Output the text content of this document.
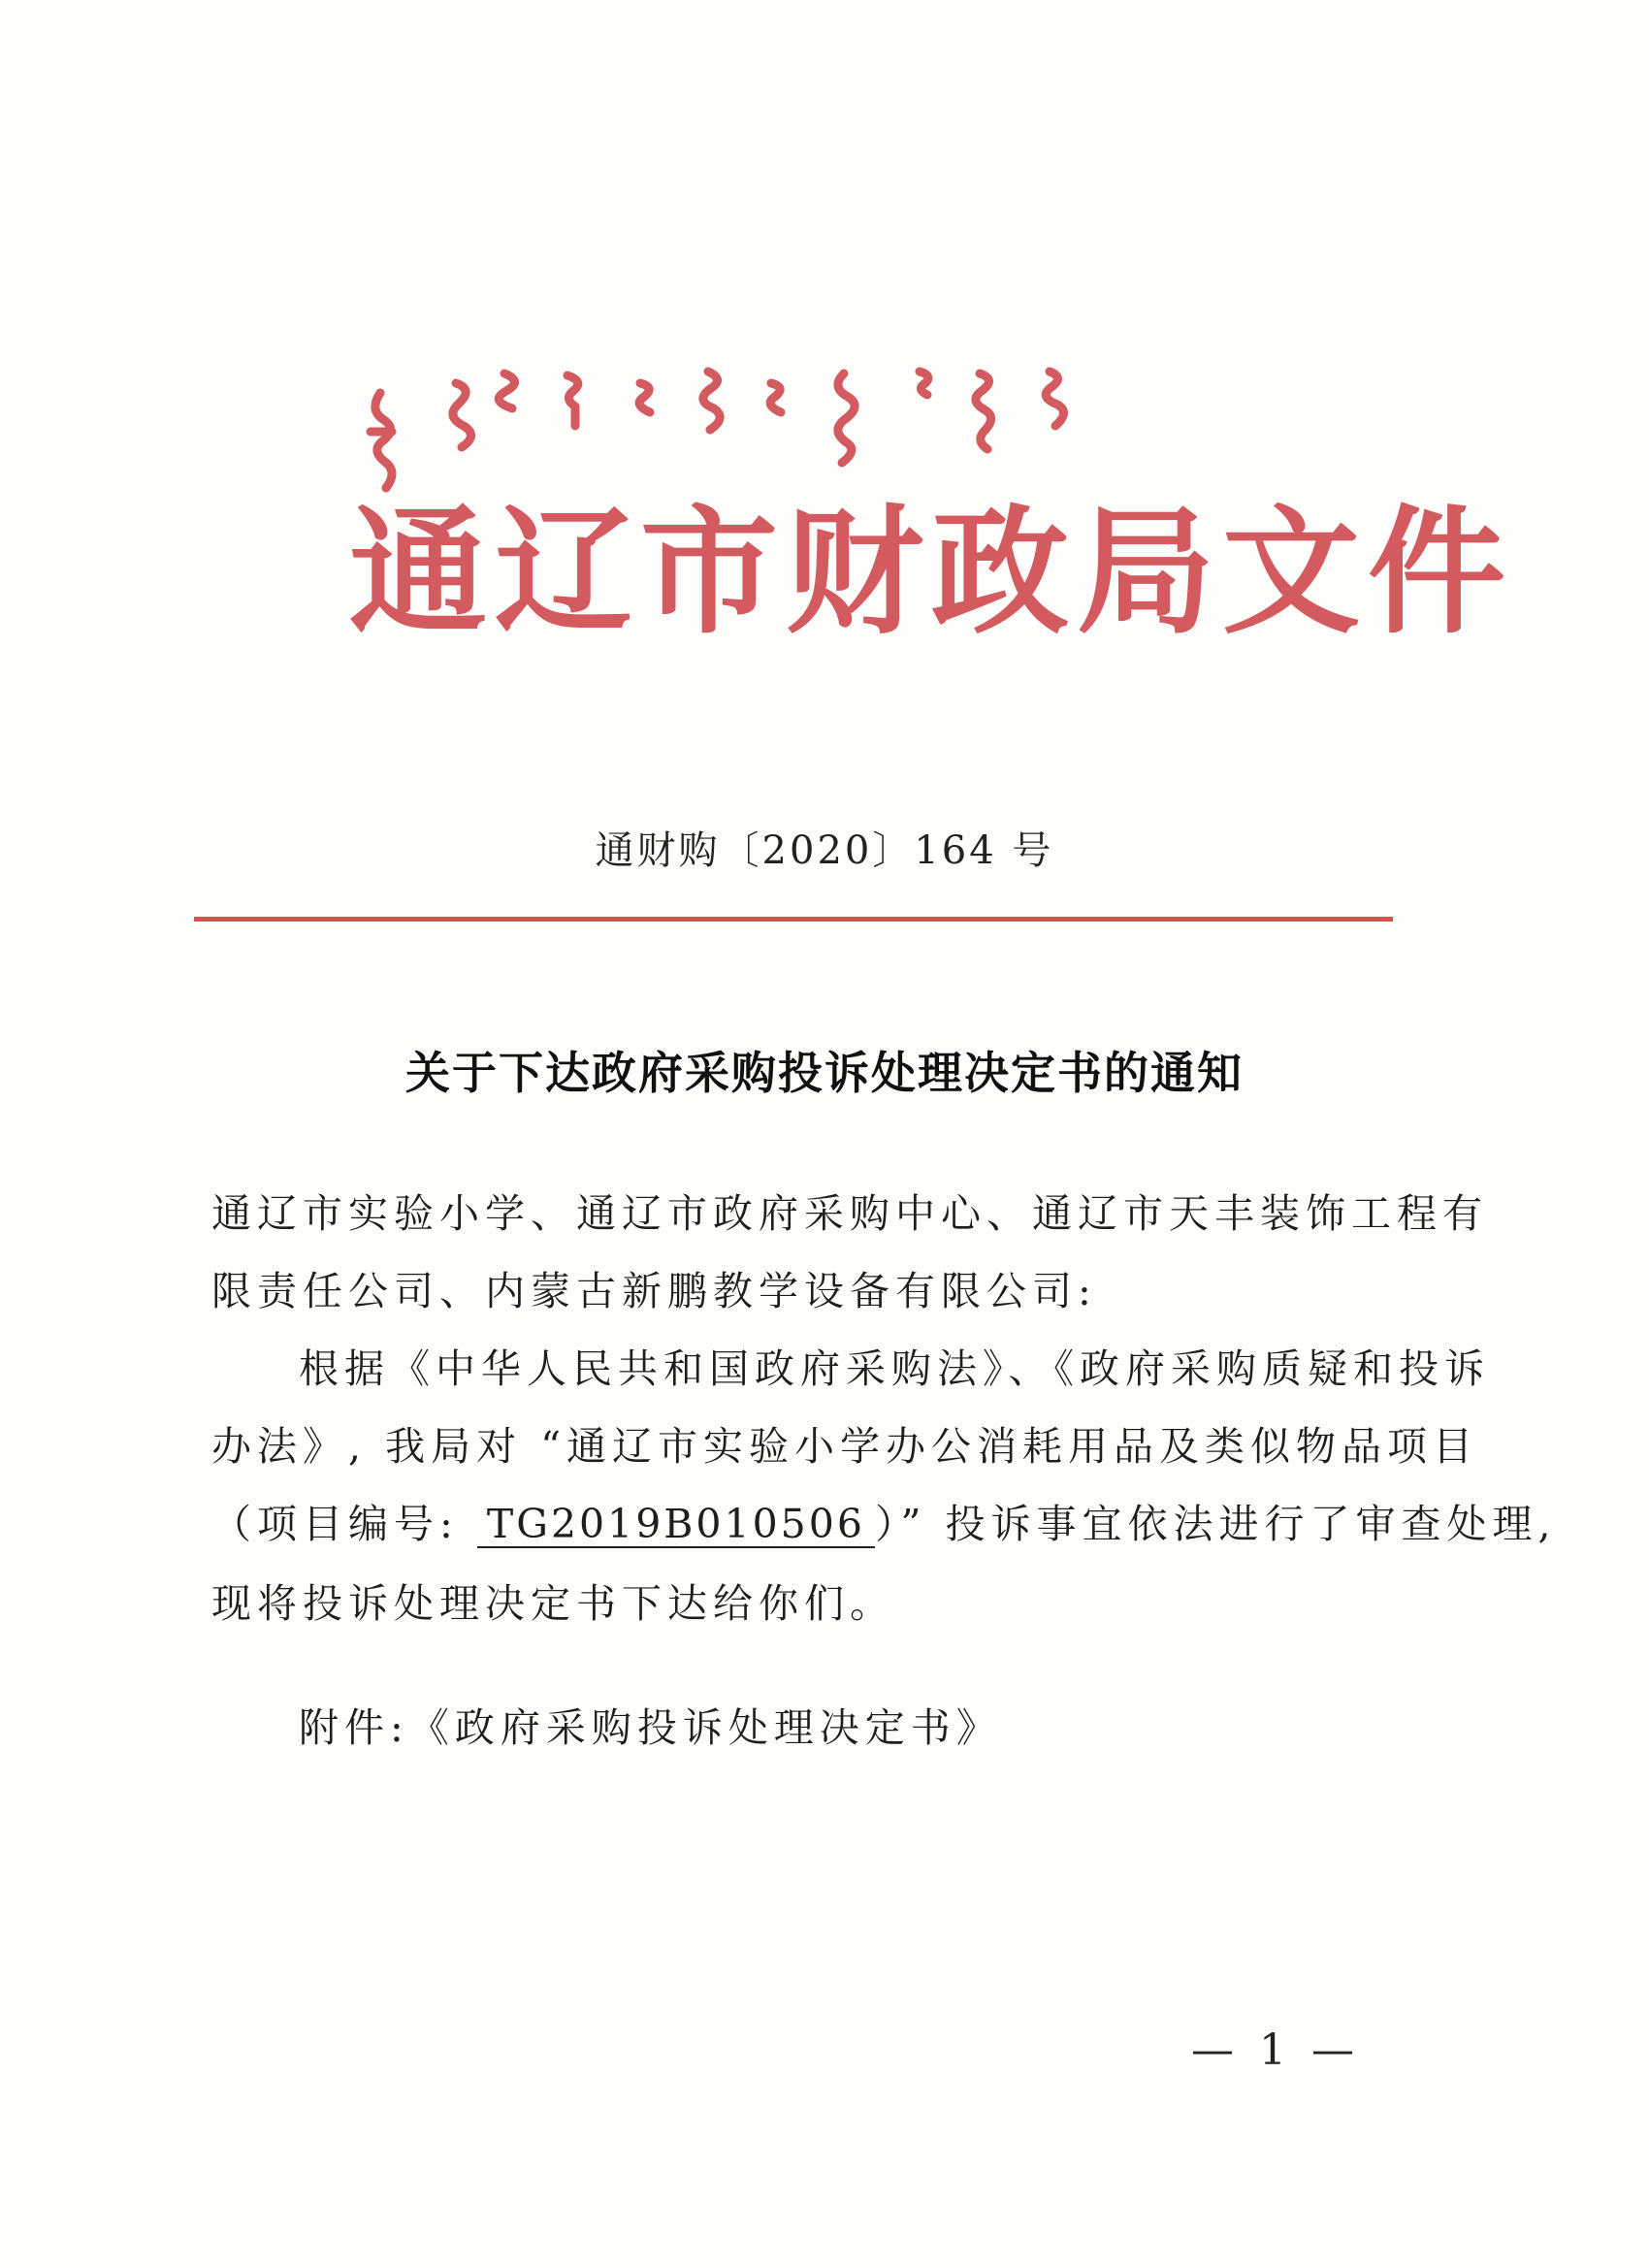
通辽市财政局文件
通财购〔2020〕164 号
关于下达政府采购投诉处理决定书的通知
通辽市实验小学、通辽市政府采购中心、通辽市天丰装饰工程有
限责任公司、内蒙古新鹏教学设备有限公司:
根据《中华人民共和国政府采购法》、《政府采购质疑和投诉
办法》, 我局对 “通辽市实验小学办公消耗用品及类似物品项目
（项目编号: TG2019B010506 ）” 投诉事宜依法进行了审查处理,
现将投诉处理决定书下达给你们。
附件:《政府采购投诉处理决定书》
— 1 —
